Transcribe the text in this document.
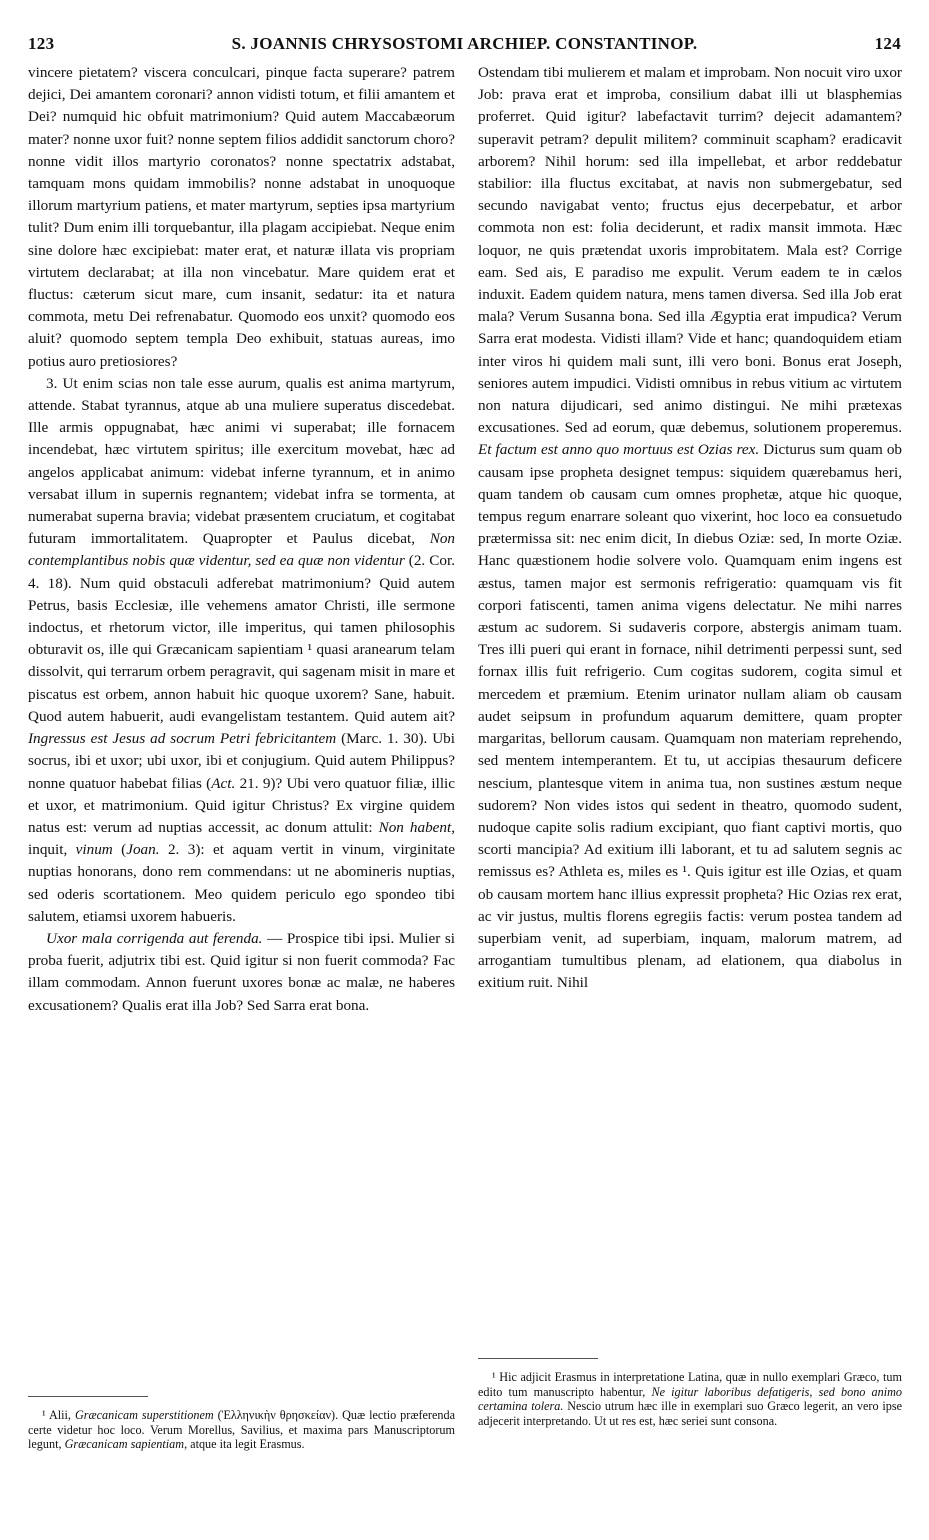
123	S. JOANNIS CHRYSOSTOMI ARCHIEP. CONSTANTINOP.	124

vincere pietatem? viscera conculcari, pinque facta superare? patrem dejici, Dei amantem coronari? annon vidisti totum, et filii amantem et Dei? numquid hic obfuit matrimonium? Quid autem Maccabæorum mater? nonne uxor fuit? nonne septem filios addidit sanctorum choro? nonne vidit illos martyrio coronatos? nonne spectatrix adstabat, tamquam mons quidam immobilis? nonne adstabat in unoquoque illorum martyrium patiens, et mater martyrum, septies ipsa martyrium tulit? Dum enim illi torquebantur, illa plagam accipiebat. Neque enim sine dolore hæc excipiebat: mater erat, et naturæ illata vis propriam virtutem declarabat; at illa non vincebatur. Mare quidem erat et fluctus: cæterum sicut mare, cum insanit, sedatur: ita et natura commota, metu Dei refrenabatur. Quomodo eos unxit? quomodo eos aluit? quomodo septem templa Deo exhibuit, statuas aureas, imo potius auro pretiosiores?

3. Ut enim scias non tale esse aurum, qualis est anima martyrum, attende. Stabat tyrannus, atque ab una muliere superatus discedebat. Ille armis oppugnabat, hæc animi vi superabat; ille fornacem incendebat, hæc virtutem spiritus; ille exercitum movebat, hæc ad angelos applicabat animum: videbat inferne tyrannum, et in animo versabat illum in supernis regnantem; videbat infra se tormenta, at numerabat superna bravia; videbat præsentem cruciatum, et cogitabat futuram immortalitatem. Quapropter et Paulus dicebat, Non contemplantibus nobis quæ videntur, sed ea quæ non videntur (2. Cor. 4. 18). Num quid obstaculi adferebat matrimonium? Quid autem Petrus, basis Ecclesiæ, ille vehemens amator Christi, ille sermone indoctus, et rhetorum victor, ille imperitus, qui tamen philosophis obturavit os, ille qui Græcanicam sapientiam ¹ quasi aranearum telam dissolvit, qui terrarum orbem peragravit, qui sagenam misit in mare et piscatus est orbem, annon habuit hic quoque uxorem? Sane, habuit. Quod autem habuerit, audi evangelistam testantem. Quid autem ait? Ingressus est Jesus ad socrum Petri febricitantem (Marc. 1. 30). Ubi socrus, ibi et uxor; ubi uxor, ibi et conjugium. Quid autem Philippus? nonne quatuor habebat filias (Act. 21. 9)? Ubi vero quatuor filiæ, illic et uxor, et matrimonium. Quid igitur Christus? Ex virgine quidem natus est: verum ad nuptias accessit, ac donum attulit: Non habent, inquit, vinum (Joan. 2. 3): et aquam vertit in vinum, virginitate nuptias honorans, dono rem commendans: ut ne abomineris nuptias, sed oderis scortationem. Meo quidem periculo ego spondeo tibi salutem, etiamsi uxorem habueris.

Uxor mala corrigenda aut ferenda. — Prospice tibi ipsi. Mulier si proba fuerit, adjutrix tibi est. Quid igitur si non fuerit commoda? Fac illam commodam. Annon fuerunt uxores bonæ ac malæ, ne haberes excusationem? Qualis erat illa Job? Sed Sarra erat bona.

¹ Alii, Græcanicam superstitionem (Ἑλληνικὴν θρησκείαν). Quæ lectio præferenda certe videtur hoc loco. Verum Morellus, Savilius, et maxima pars Manuscriptorum legunt, Græcanicam sapientiam, atque ita legit Erasmus.

Ostendam tibi mulierem et malam et improbam. Non nocuit viro uxor Job: prava erat et improba, consilium dabat illi ut blasphemias proferret. Quid igitur? labefactavit turrim? dejecit adamantem? superavit petram? depulit militem? comminuit scapham? eradicavit arborem? Nihil horum: sed illa impellebat, et arbor reddebatur stabilior: illa fluctus excitabat, at navis non submergebatur, sed secundo navigabat vento; fructus ejus decerpebatur, et arbor commota non est: folia deciderunt, et radix mansit immota. Hæc loquor, ne quis prætendat uxoris improbitatem. Mala est? Corrige eam. Sed ais, E paradiso me expulit. Verum eadem te in cælos induxit. Eadem quidem natura, mens tamen diversa. Sed illa Job erat mala? Verum Susanna bona. Sed illa Ægyptia erat impudica? Verum Sarra erat modesta. Vidisti illam? Vide et hanc; quandoquidem etiam inter viros hi quidem mali sunt, illi vero boni. Bonus erat Joseph, seniores autem impudici. Vidisti omnibus in rebus vitium ac virtutem non natura dijudicari, sed animo distingui. Ne mihi prætexas excusationes. Sed ad eorum, quæ debemus, solutionem properemus. Et factum est anno quo mortuus est Ozias rex. Dicturus sum quam ob causam ipse propheta designet tempus: siquidem quærebamus heri, quam tandem ob causam cum omnes prophetæ, atque hic quoque, tempus regum enarrare soleant quo vixerint, hoc loco ea consuetudo prætermissa sit: nec enim dicit, In diebus Oziæ: sed, In morte Oziæ. Hanc quæstionem hodie solvere volo. Quamquam enim ingens est æstus, tamen major est sermonis refrigeratio: quamquam vis fit corpori fatiscenti, tamen anima vigens delectatur. Ne mihi narres æstum ac sudorem. Si sudaveris corpore, abstergis animam tuam. Tres illi pueri qui erant in fornace, nihil detrimenti perpessi sunt, sed fornax illis fuit refrigerio. Cum cogitas sudorem, cogita simul et mercedem et præmium. Etenim urinator nullam aliam ob causam audet seipsum in profundum aquarum demittere, quam propter margaritas, bellorum causam. Quamquam non materiam reprehendo, sed mentem intemperantem. Et tu, ut accipias thesaurum deficere nescium, plantesque vitem in anima tua, non sustines æstum neque sudorem? Non vides istos qui sedent in theatro, quomodo sudent, nudoque capite solis radium excipiant, quo fiant captivi mortis, quo scorti mancipia? Ad exitium illi laborant, et tu ad salutem segnis ac remissus es? Athleta es, miles es ¹. Quis igitur est ille Ozias, et quam ob causam mortem hanc illius expressit propheta? Hic Ozias rex erat, ac vir justus, multis florens egregiis factis: verum postea tandem ad superbiam venit, ad superbiam, inquam, malorum matrem, ad arrogantiam tumultibus plenam, ad elationem, qua diabolus in exitium ruit. Nihil

¹ Hic adjicit Erasmus in interpretatione Latina, quæ in nullo exemplari Græco, tum edito tum manuscripto habentur, Ne igitur laboribus defatigeris, sed bono animo certamina tolera. Nescio utrum hæc ille in exemplari suo Græco legerit, an vero ipse adjecerit interpretando. Ut ut res est, hæc seriei sunt consona.
